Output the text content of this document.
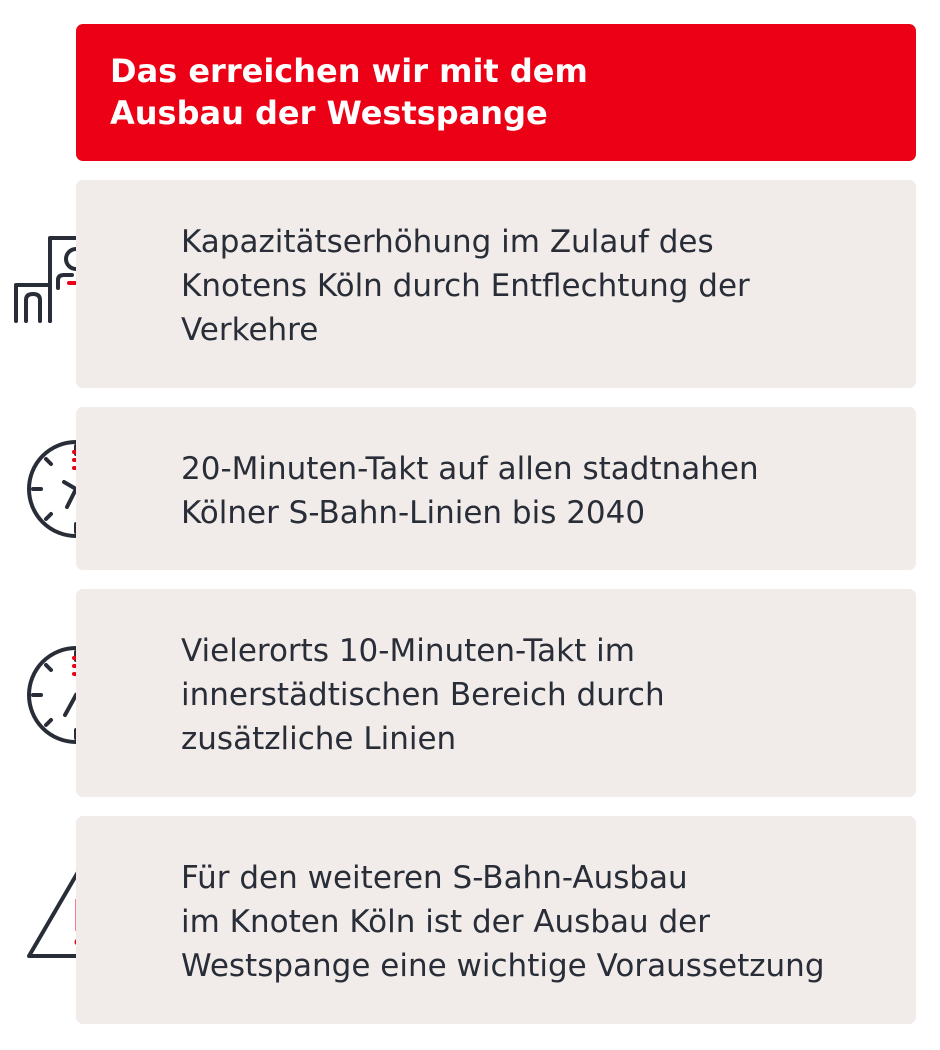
Das erreichen wir mit dem
Ausbau der Westspange
Kapazitätserhöhung im Zulauf des
Knotens Köln durch Entflechtung der
Verkehre
20-Minuten-Takt auf allen stadtnahen
Kölner S-Bahn-Linien bis 2040
Vielerorts 10-Minuten-Takt im
innerstädtischen Bereich durch
zusätzliche Linien
Für den weiteren S-Bahn-Ausbau
im Knoten Köln ist der Ausbau der
Westspange eine wichtige Voraussetzung
